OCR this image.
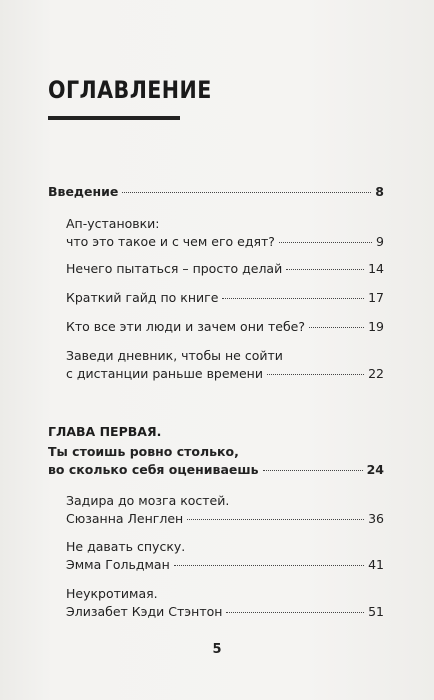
ОГЛАВЛЕНИЕ
Введение	8
Ап-установки:
что это такое и с чем его едят?	9
Нечего пытаться – просто делай	14
Краткий гайд по книге	17
Кто все эти люди и зачем они тебе?	19
Заведи дневник, чтобы не сойти
с дистанции раньше времени	22
ГЛАВА ПЕРВАЯ.
Ты стоишь ровно столько,
во сколько себя оцениваешь	24
Задира до мозга костей.
Сюзанна Ленглен	36
Не давать спуску.
Эмма Гольдман	41
Неукротимая.
Элизабет Кэди Стэнтон	51
5
